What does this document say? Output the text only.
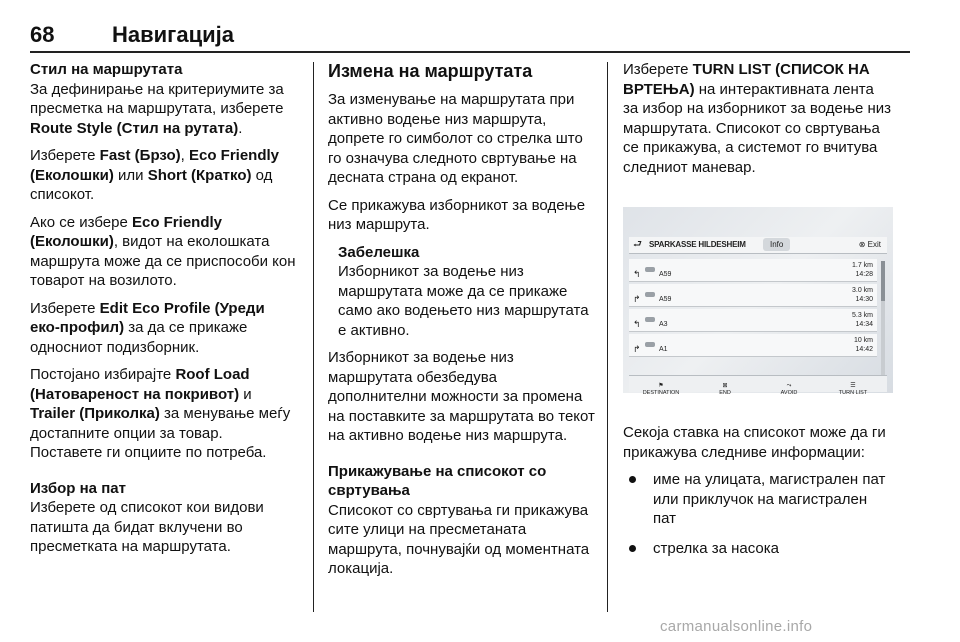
68	Навигација
Стил на маршрутата

За дефинирање на критериумите за пресметка на маршрутата, изберете Route Style (Стил на рутата).

Изберете Fast (Брзо), Eco Friendly (Еколошки) или Short (Кратко) од списокот.

Ако се избере Eco Friendly (Еколошки), видот на еколошката маршрута може да се приспособи кон товарот на возилото.

Изберете Edit Eco Profile (Уреди еко-профил) за да се прикаже односниот подизборник.

Постојано избирајте Roof Load (Натовареност на покривот) и Trailer (Приколка) за менување меѓу достапните опции за товар. Поставете ги опциите по потреба.

Избор на пат

Изберете од списокот кои видови патишта да бидат вклучени во пресметката на маршрутата.

Измена на маршрутата

За изменување на маршрутата при активно водење низ маршрута, допрете го симболот со стрелка што го означува следното свртување на десната страна од екранот.

Се прикажува изборникот за водење низ маршрута.

Забелешка
Изборникот за водење низ маршрутата може да се прикаже само ако водењето низ маршрутата е активно.

Изборникот за водење низ маршрутата обезбедува дополнителни можности за промена на поставките за маршрутата во текот на активно водење низ маршрута.

Прикажување на списокот со свртувања

Списокот со свртувања ги прикажува сите улици на пресметаната маршрута, почнувајќи од моментната локација.

Изберете TURN LIST (СПИСОК НА ВРТЕЊА) на интерактивната лента за избор на изборникот за водење низ маршрутата. Списокот со свртувања се прикажува, а системот го вчитува следниот маневар.

⮐ SPARKASSE HILDESHEIM	Info	⊗ Exit
↰	A59
1.7 km
14:28
↱	A59
3.0 km
14:30
↰	A3
5.3 km
14:34
↱	A1
10 km
14:42
⚑
DESTINATION
⊠
END
⤳
AVOID
☰
TURN LIST

Секоја ставка на списокот може да ги прикажува следниве информации:

име на улицата, магистрален пат или приклучок на магистрален пат
стрелка за насока
carmanualsonline.info
